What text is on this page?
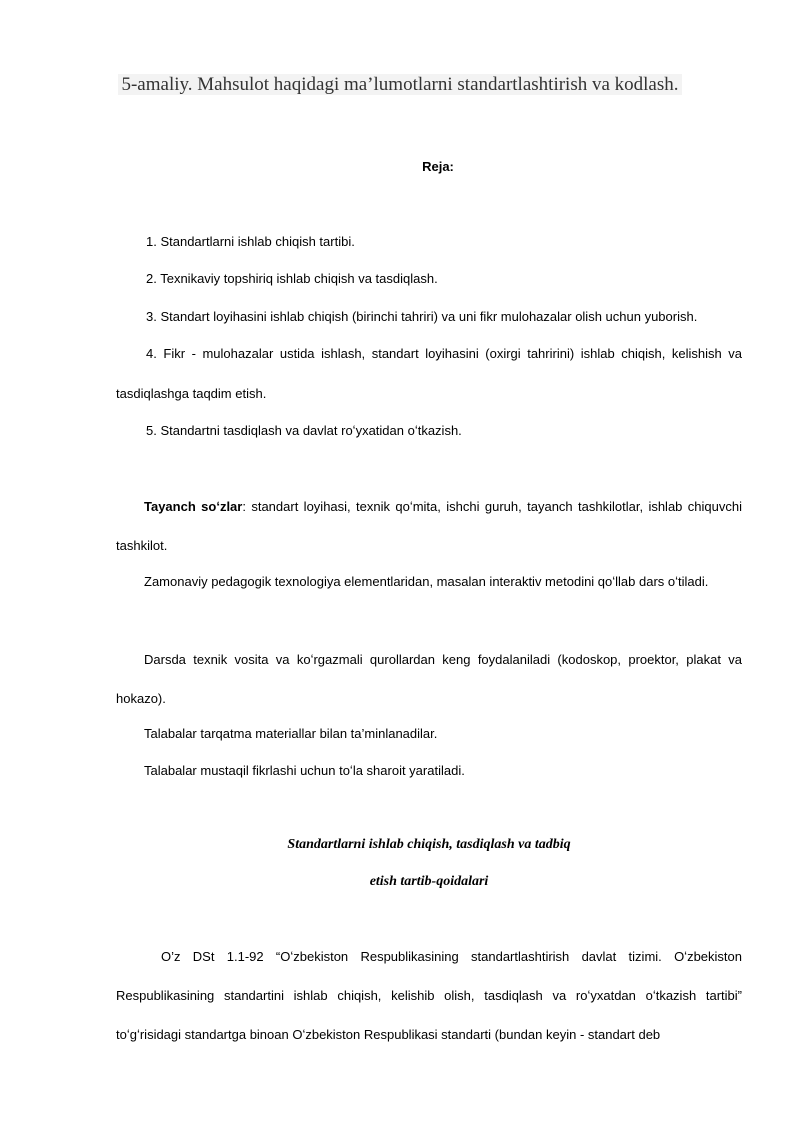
5-amaliy. Mahsulot haqidagi ma’lumotlarni standartlashtirish va kodlash.
Reja:
1. Standartlarni ishlab chiqish tartibi.
2. Texnikaviy topshiriq ishlab chiqish va tasdiqlash.
3. Standart loyihasini ishlab chiqish (birinchi tahriri) va uni fikr mulohazalar olish uchun yuborish.
4. Fikr - mulohazalar ustida ishlash, standart loyihasini (oxirgi tahririni) ishlab chiqish, kelishish va tasdiqlashga taqdim etish.
5. Standartni tasdiqlash va davlat roʻyxatidan oʻtkazish.
Tayanch soʻzlar: standart loyihasi, texnik qoʻmita, ishchi guruh, tayanch tashkilotlar, ishlab chiquvchi tashkilot.
Zamonaviy pedagogik texnologiya elementlaridan, masalan interaktiv metodini qoʻllab dars oʻtiladi.
Darsda texnik vosita va koʻrgazmali qurollardan keng foydalaniladi (kodoskop, proektor, plakat va hokazo).
Talabalar tarqatma materiallar bilan ta’minlanadilar.
Talabalar mustaqil fikrlashi uchun toʻla sharoit yaratiladi.
Standartlarni ishlab chiqish, tasdiqlash va tadbiq
etish tartib-qoidalari
O’z DSt 1.1-92 “Oʻzbekiston Respublikasining standartlashtirish davlat tizimi. Oʻzbekiston Respublikasining standartini ishlab chiqish, kelishib olish, tasdiqlash va roʻyxatdan oʻtkazish tartibi” toʻgʻrisidagi standartga binoan Oʻzbekiston Respublikasi standarti (bundan keyin - standart deb
